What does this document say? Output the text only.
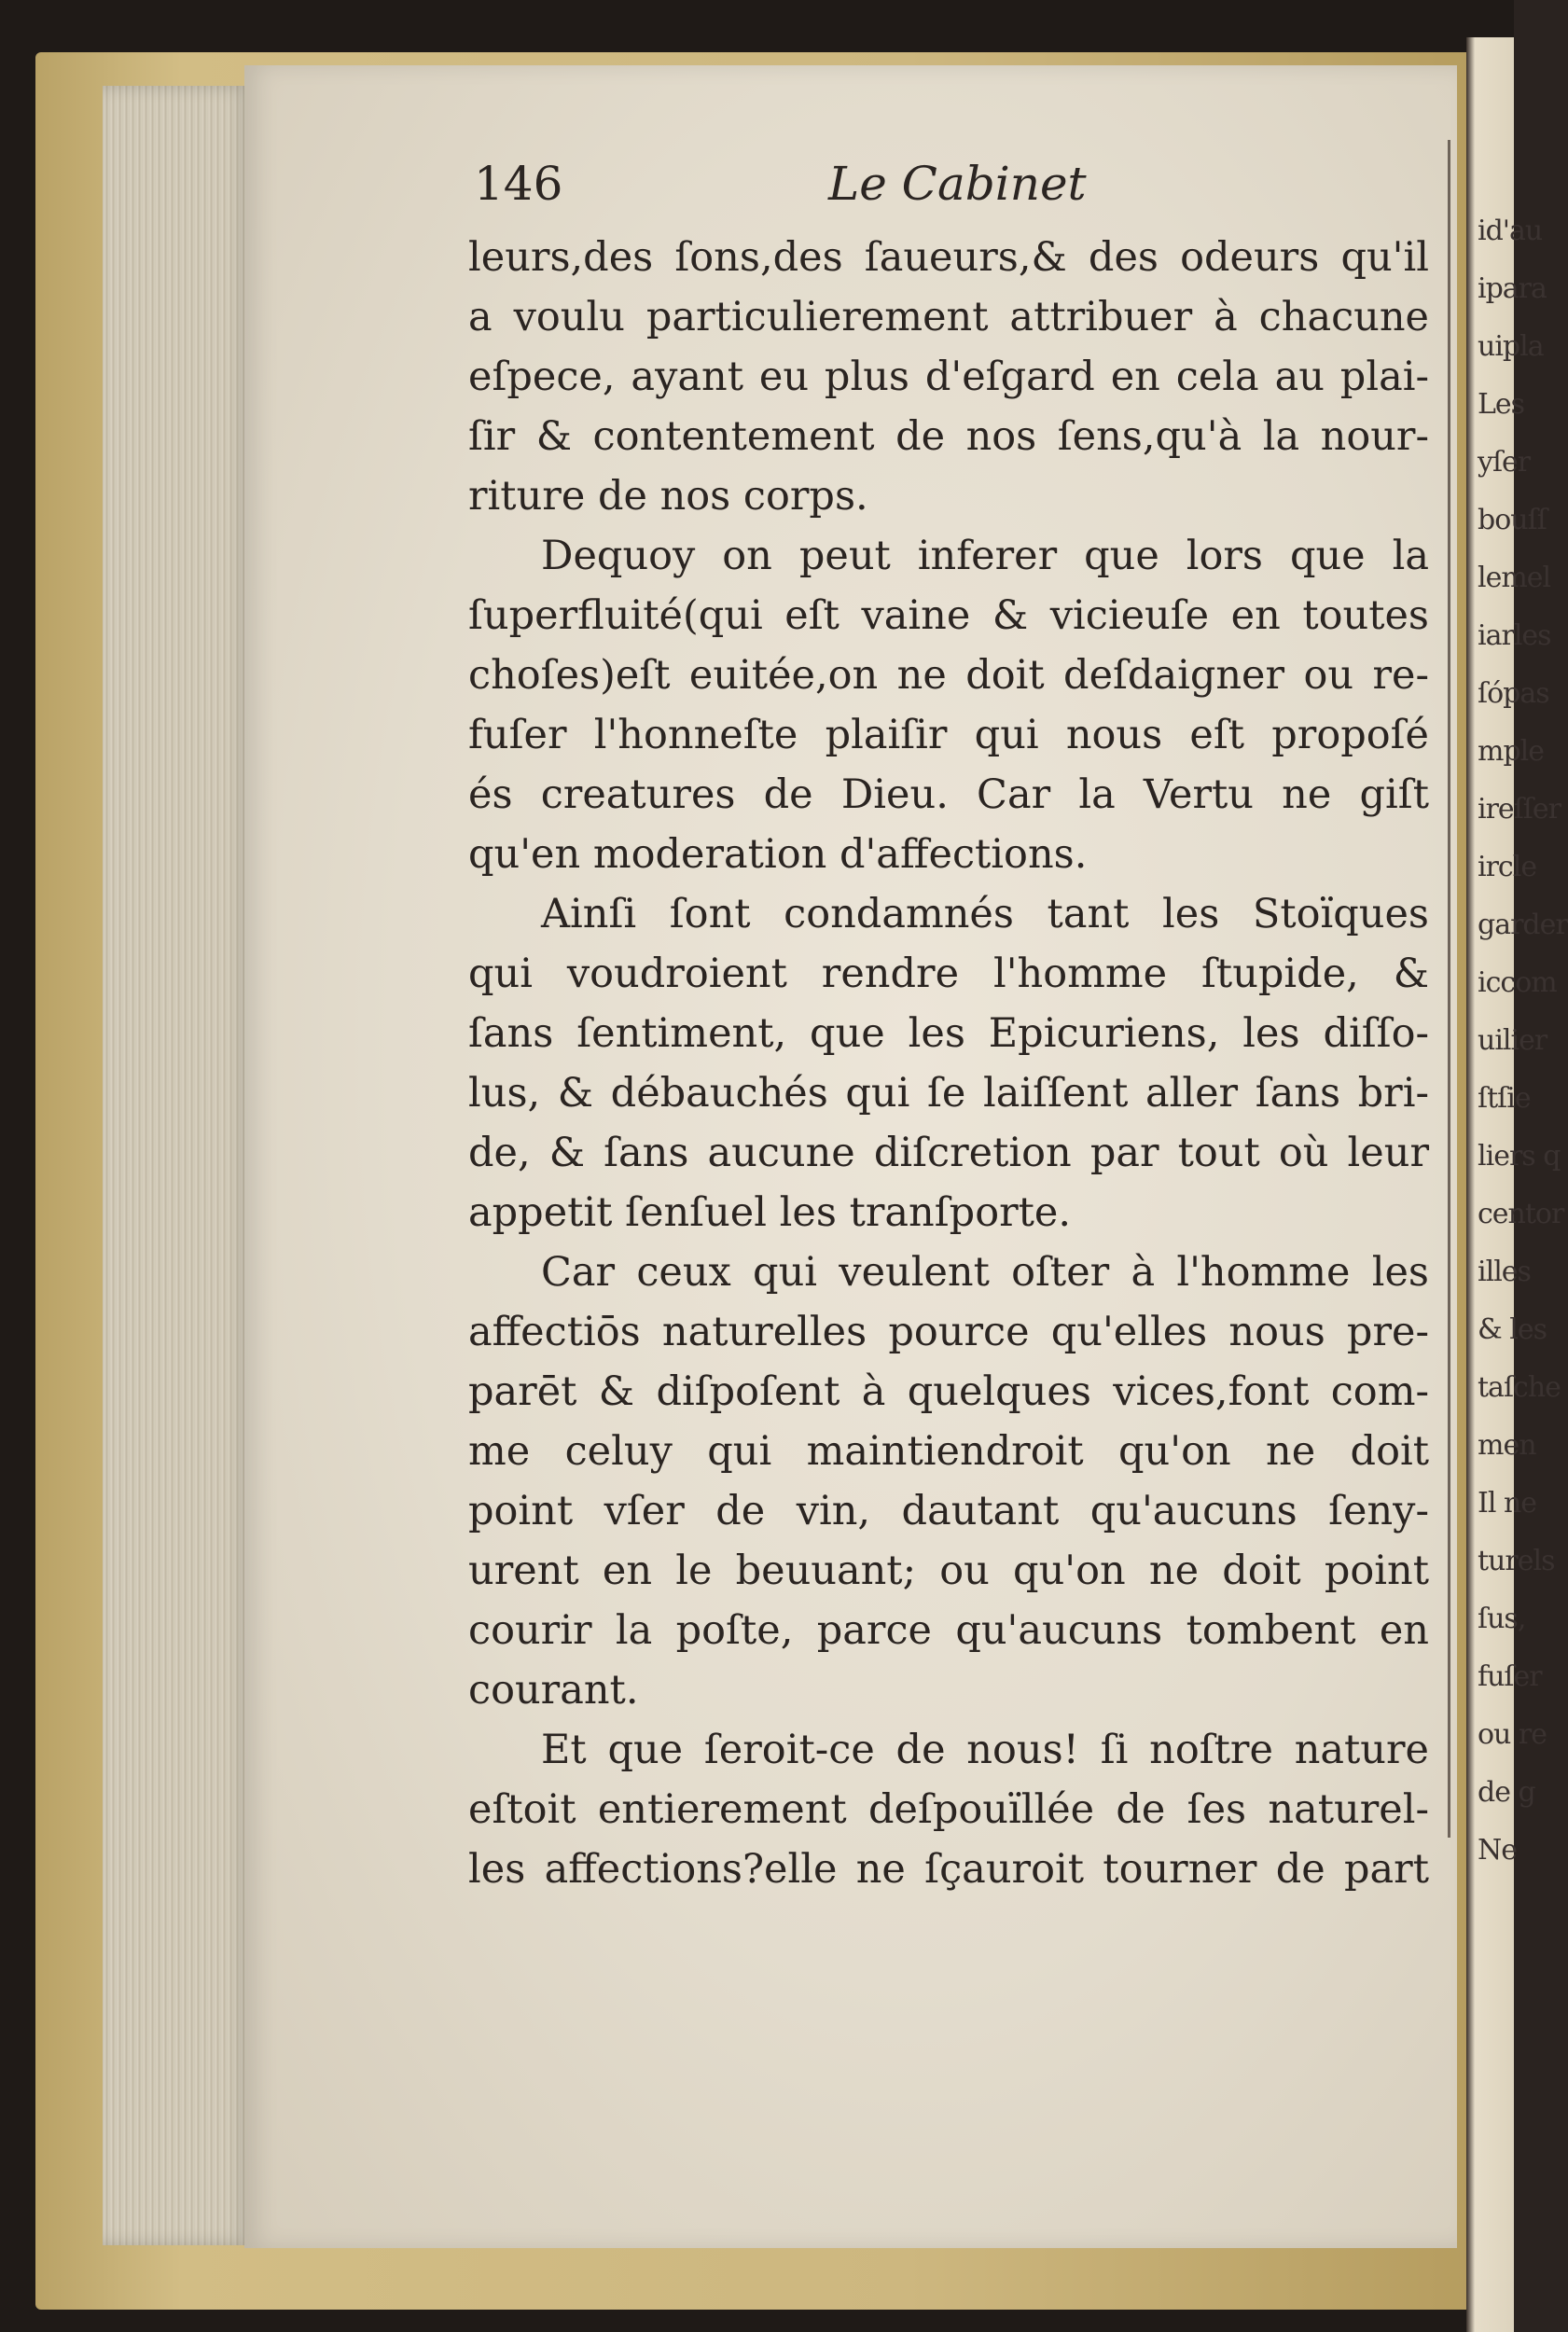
146	Le Cabinet
leurs,des ſons,des ſaueurs,& des odeurs qu'il
a voulu particulierement attribuer à chacune
eſpece, ayant eu plus d'eſgard en cela au plai-
ſir & contentement de nos ſens,qu'à la nour-
riture de nos corps.
Dequoy on peut inferer que lors que la
ſuperfluité(qui eſt vaine & vicieuſe en toutes
choſes)eſt euitée,on ne doit deſdaigner ou re-
fuſer l'honneſte plaiſir qui nous eſt propoſé
és creatures de Dieu. Car la Vertu ne giſt
qu'en moderation d'affections.
Ainſi ſont condamnés tant les Stoïques
qui voudroient rendre l'homme ſtupide, &
ſans ſentiment, que les Epicuriens, les diſſo-
lus, & débauchés qui ſe laiſſent aller ſans bri-
de, & ſans aucune diſcretion par tout où leur
appetit ſenſuel les tranſporte.
Car ceux qui veulent oſter à l'homme les
affectiōs naturelles pource qu'elles nous pre-
parēt & diſpoſent à quelques vices,font com-
me celuy qui maintiendroit qu'on ne doit
point vſer de vin, dautant qu'aucuns ſeny-
urent en le beuuant; ou qu'on ne doit point
courir la poſte, parce qu'aucuns tombent en
courant.
Et que ſeroit-ce de nous! ſi noſtre nature
eſtoit entierement deſpouïllée de ſes naturel-
les affections?elle ne ſçauroit tourner de part
id'au
ipara
uipla
Les
yſer
bouſſ
lemel
iarles
ſópas
mple
ireſſer
ircle
garder
iccom
uilier
ſtſie
liers q
centor
illes
& les
taſche
men
Il ne
turels
ſus,
fuſer
ou re
de g
Ne
